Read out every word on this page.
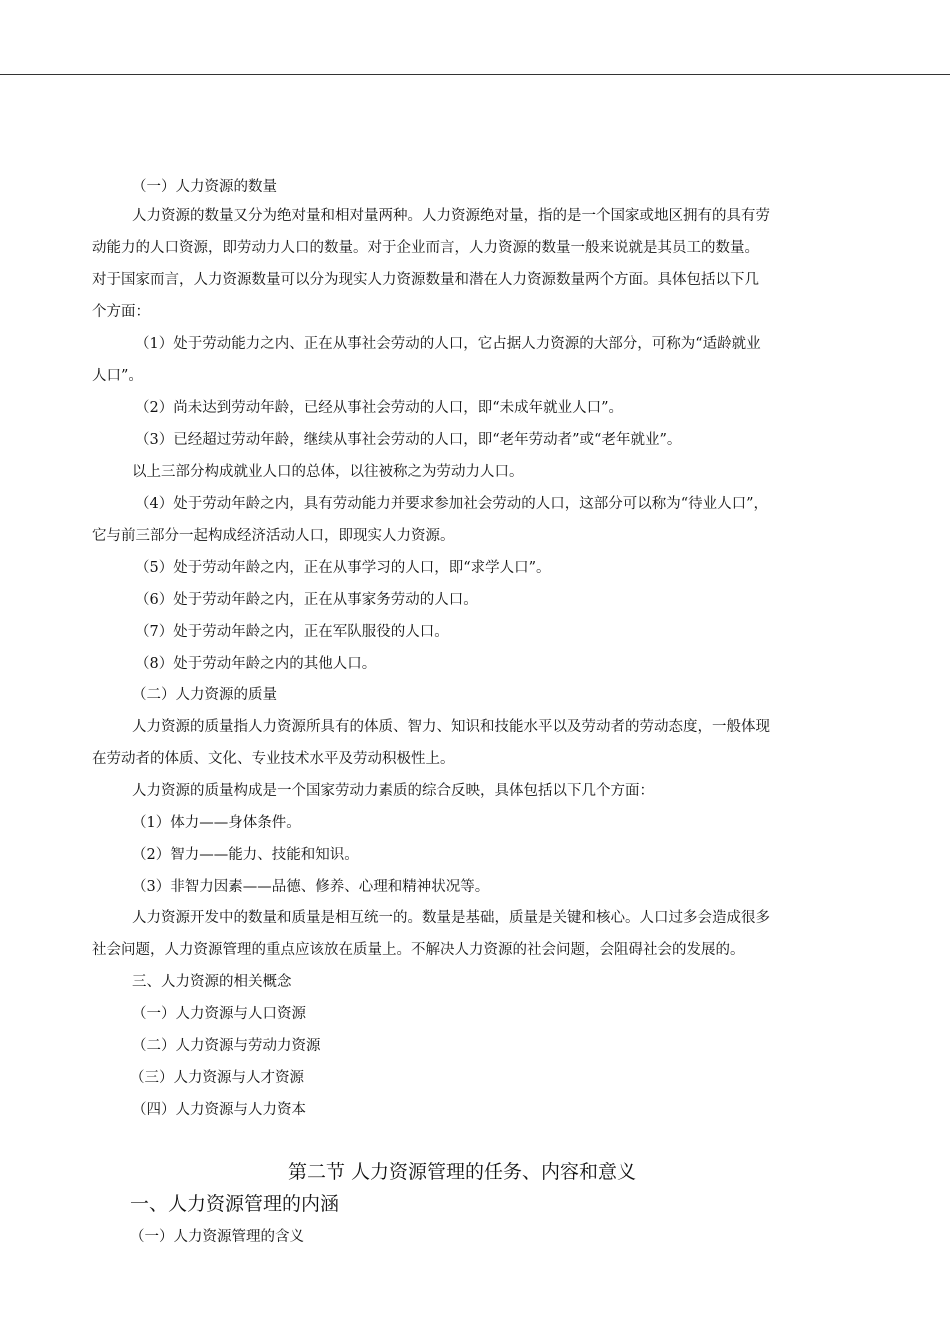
（一）人力资源的数量
人力资源的数量又分为绝对量和相对量两种。人力资源绝对量，指的是一个国家或地区拥有的具有劳
动能力的人口资源，即劳动力人口的数量。对于企业而言，人力资源的数量一般来说就是其员工的数量。
对于国家而言，人力资源数量可以分为现实人力资源数量和潜在人力资源数量两个方面。具体包括以下几
个方面：
（1）处于劳动能力之内、正在从事社会劳动的人口，它占据人力资源的大部分，可称为“适龄就业
人口”。
（2）尚未达到劳动年龄，已经从事社会劳动的人口，即“未成年就业人口”。
（3）已经超过劳动年龄，继续从事社会劳动的人口，即“老年劳动者”或“老年就业”。
以上三部分构成就业人口的总体，以往被称之为劳动力人口。
（4）处于劳动年龄之内，具有劳动能力并要求参加社会劳动的人口，这部分可以称为“待业人口”，
它与前三部分一起构成经济活动人口，即现实人力资源。
（5）处于劳动年龄之内，正在从事学习的人口，即“求学人口”。
（6）处于劳动年龄之内，正在从事家务劳动的人口。
（7）处于劳动年龄之内，正在军队服役的人口。
（8）处于劳动年龄之内的其他人口。
（二）人力资源的质量
人力资源的质量指人力资源所具有的体质、智力、知识和技能水平以及劳动者的劳动态度，一般体现
在劳动者的体质、文化、专业技术水平及劳动积极性上。
人力资源的质量构成是一个国家劳动力素质的综合反映，具体包括以下几个方面：
（1）体力——身体条件。
（2）智力——能力、技能和知识。
（3）非智力因素——品德、修养、心理和精神状况等。
人力资源开发中的数量和质量是相互统一的。数量是基础，质量是关键和核心。人口过多会造成很多
社会问题，人力资源管理的重点应该放在质量上。不解决人力资源的社会问题，会阻碍社会的发展的。
三、人力资源的相关概念
（一）人力资源与人口资源
（二）人力资源与劳动力资源
（三）人力资源与人才资源
（四）人力资源与人力资本
第二节 人力资源管理的任务、内容和意义
一、人力资源管理的内涵
（一）人力资源管理的含义
